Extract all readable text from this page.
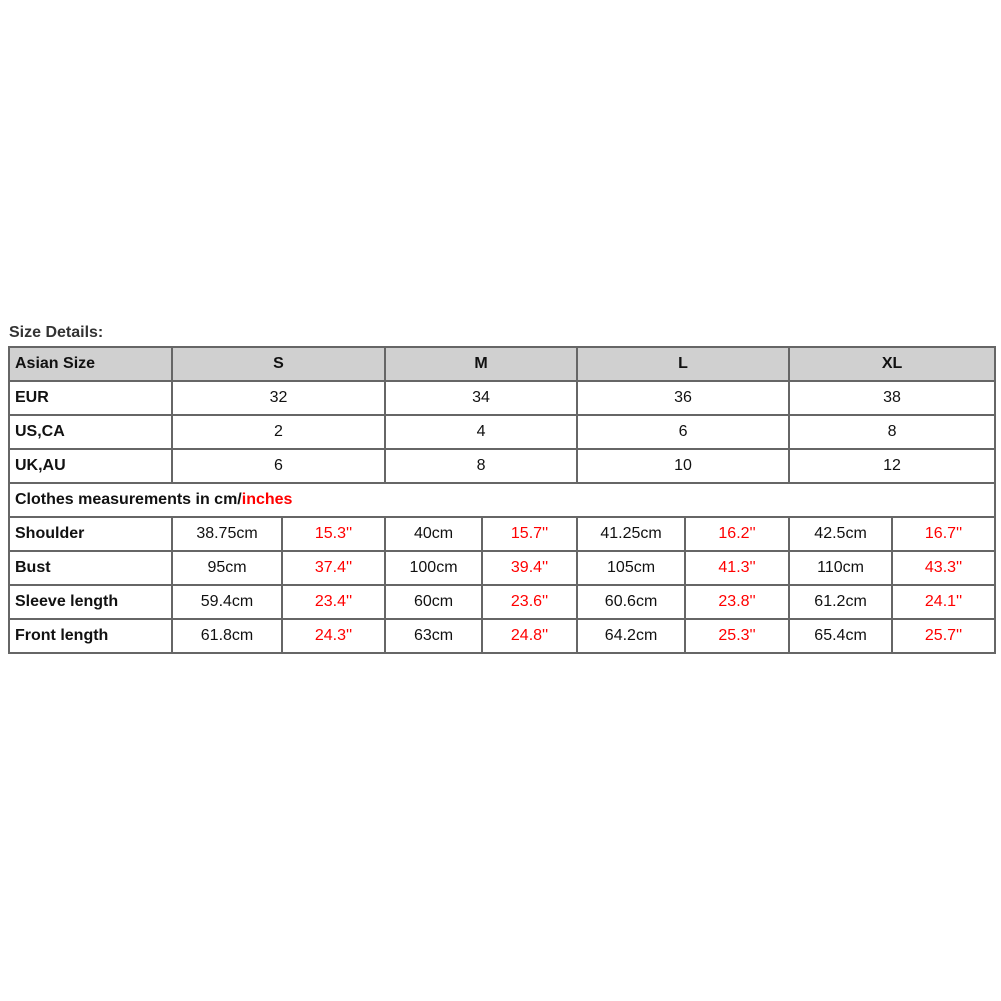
Size Details:
Asian Size	S		M		L		XL	
EUR	32		34		36		38	
US,CA	2		4		6		8	
UK,AU	6		8		10		12	
Clothes measurements in cm/inches								
Shoulder	38.75cm	15.3''	40cm	15.7''	41.25cm	16.2''	42.5cm	16.7''
Bust	95cm	37.4''	100cm	39.4''	105cm	41.3''	110cm	43.3''
Sleeve length	59.4cm	23.4''	60cm	23.6''	60.6cm	23.8''	61.2cm	24.1''
Front length	61.8cm	24.3''	63cm	24.8''	64.2cm	25.3''	65.4cm	25.7''
